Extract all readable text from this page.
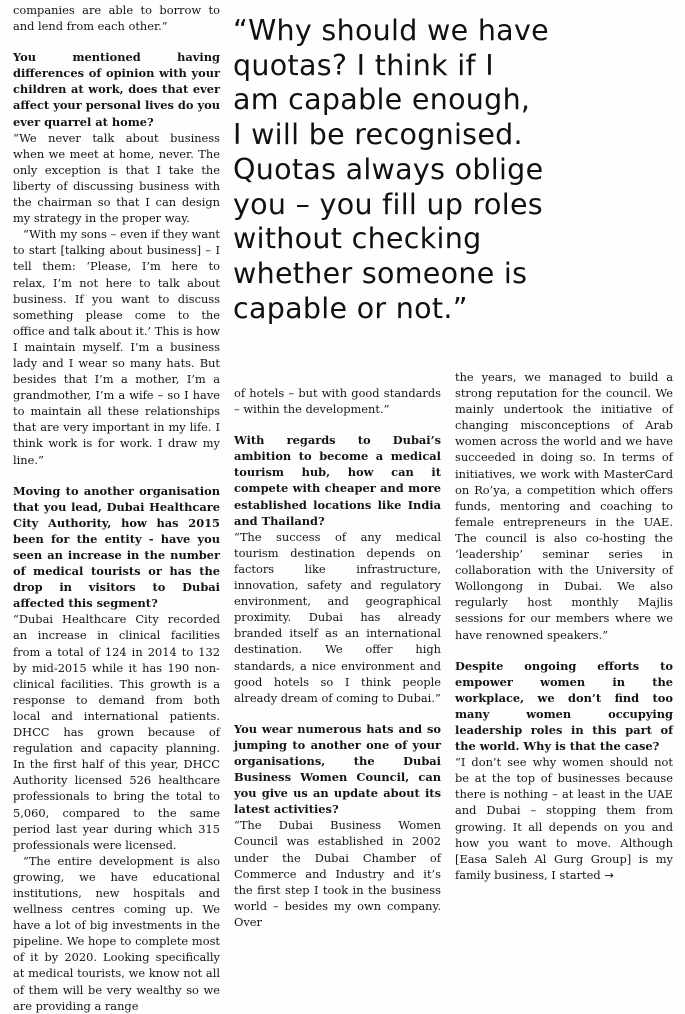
companies are able to borrow to and lend from each other.”

You mentioned having differences of opinion with your children at work, does that ever affect your personal lives do you ever quarrel at home?

“We never talk about business when we meet at home, never. The only exception is that I take the liberty of discussing business with the chairman so that I can design my strategy in the proper way.

“With my sons – even if they want to start [talking about business] – I tell them: ‘Please, I’m here to relax, I’m not here to talk about business. If you want to discuss something please come to the office and talk about it.’ This is how I maintain myself. I’m a business lady and I wear so many hats. But besides that I’m a mother, I’m a grandmother, I’m a wife – so I have to maintain all these relationships that are very important in my life. I think work is for work. I draw my line.”

Moving to another organisation that you lead, Dubai Healthcare City Authority, how has 2015 been for the entity - have you seen an increase in the number of medical tourists or has the drop in visitors to Dubai affected this segment?

“Dubai Healthcare City recorded an increase in clinical facilities from a total of 124 in 2014 to 132 by mid-2015 while it has 190 non-clinical facilities. This growth is a response to demand from both local and international patients. DHCC has grown because of regulation and capacity planning. In the first half of this year, DHCC Authority licensed 526 healthcare professionals to bring the total to 5,060, compared to the same period last year during which 315 professionals were licensed.

“The entire development is also growing, we have educational institutions, new hospitals and wellness centres coming up. We have a lot of big investments in the pipeline. We hope to complete most of it by 2020. Looking specifically at medical tourists, we know not all of them will be very wealthy so we are providing a range

“Why should we have
quotas? I think if I
am capable enough,
I will be recognised.
Quotas always oblige
you – you fill up roles
without checking
whether someone is
capable or not.”

of hotels – but with good standards – within the development.”

With regards to Dubai’s ambition to become a medical tourism hub, how can it compete with cheaper and more established locations like India and Thailand?

“The success of any medical tourism destination depends on factors like infrastructure, innovation, safety and regulatory environment, and geographical proximity. Dubai has already branded itself as an international destination. We offer high standards, a nice environment and good hotels so I think people already dream of coming to Dubai.”

You wear numerous hats and so jumping to another one of your organisations, the Dubai Business Women Council, can you give us an update about its latest activities?

“The Dubai Business Women Council was established in 2002 under the Dubai Chamber of Commerce and Industry and it’s the first step I took in the business world – besides my own company. Over

the years, we managed to build a strong reputation for the council. We mainly undertook the initiative of changing misconceptions of Arab women across the world and we have succeeded in doing so. In terms of initiatives, we work with MasterCard on Ro’ya, a competition which offers funds, mentoring and coaching to female entrepreneurs in the UAE. The council is also co-hosting the ‘leadership’ seminar series in collaboration with the University of Wollongong in Dubai. We also regularly host monthly Majlis sessions for our members where we have renowned speakers.”

Despite ongoing efforts to empower women in the workplace, we don’t find too many women occupying leadership roles in this part of the world. Why is that the case?

“I don’t see why women should not be at the top of businesses because there is nothing – at least in the UAE and Dubai – stopping them from growing. It all depends on you and how you want to move. Although [Easa Saleh Al Gurg Group] is my family business, I started →
